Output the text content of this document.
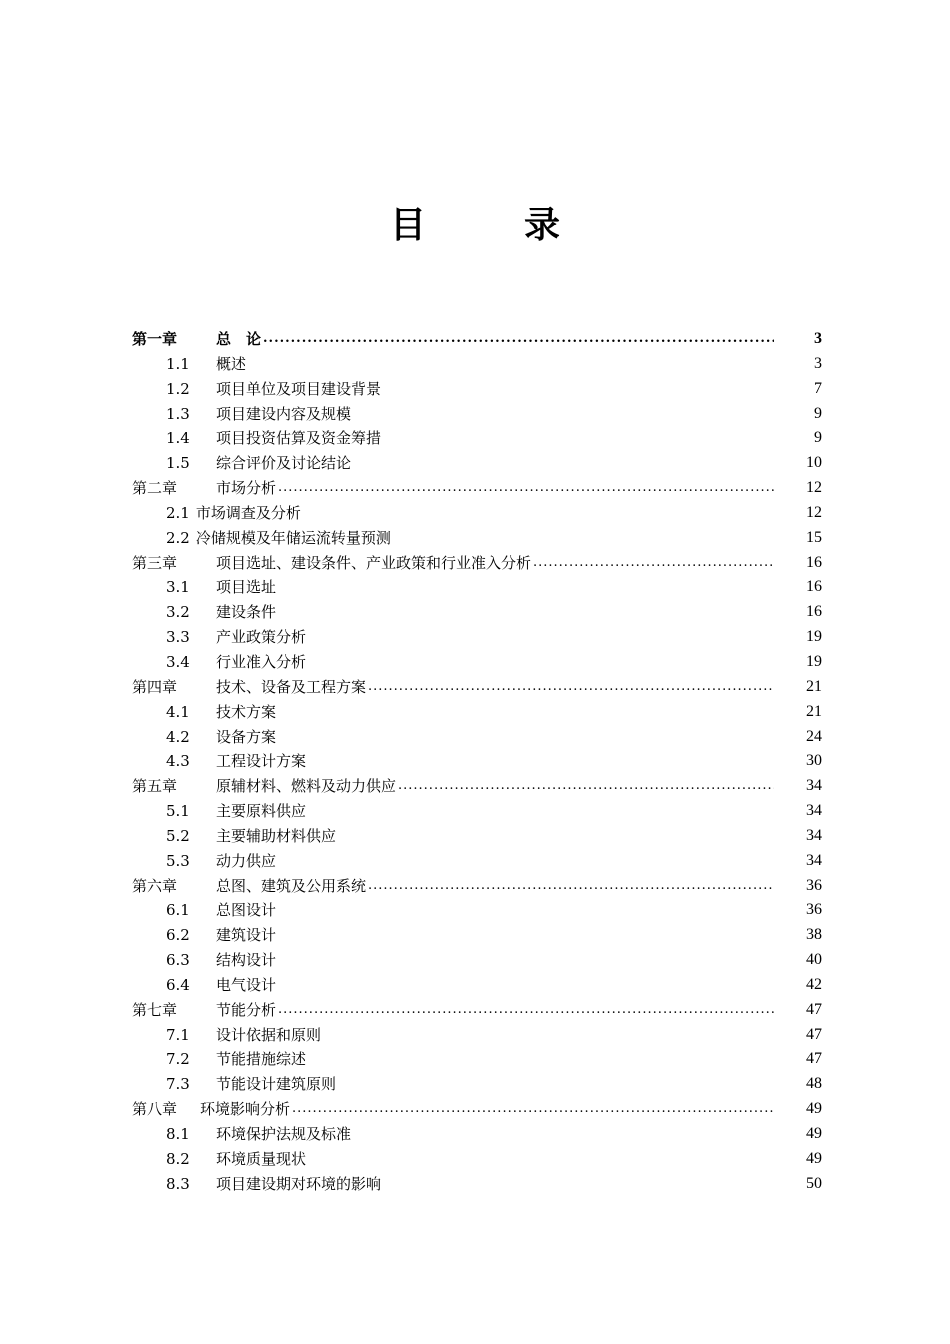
目	录
第一章	总　论 .....	3
1.1	概述	3
1.2	项目单位及项目建设背景	7
1.3	项目建设内容及规模	9
1.4	项目投资估算及资金筹措	9
1.5	综合评价及讨论结论	10
第二章	市场分析 .....	12
2.1 市场调查及分析	12
2.2 冷储规模及年储运流转量预测	15
第三章	项目选址、建设条件、产业政策和行业准入分析 .....	16
3.1	项目选址	16
3.2	建设条件	16
3.3	产业政策分析	19
3.4	行业准入分析	19
第四章	技术、设备及工程方案 .....	21
4.1	技术方案	21
4.2	设备方案	24
4.3	工程设计方案	30
第五章	原辅材料、燃料及动力供应 .....	34
5.1	主要原料供应	34
5.2	主要辅助材料供应	34
5.3	动力供应	34
第六章	总图、建筑及公用系统 .....	36
6.1	总图设计	36
6.2	建筑设计	38
6.3	结构设计	40
6.4	电气设计	42
第七章	节能分析 .....	47
7.1	设计依据和原则	47
7.2	节能措施综述	47
7.3	节能设计建筑原则	48
第八章	环境影响分析 .....	49
8.1	环境保护法规及标准	49
8.2	环境质量现状	49
8.3	项目建设期对环境的影响	50
